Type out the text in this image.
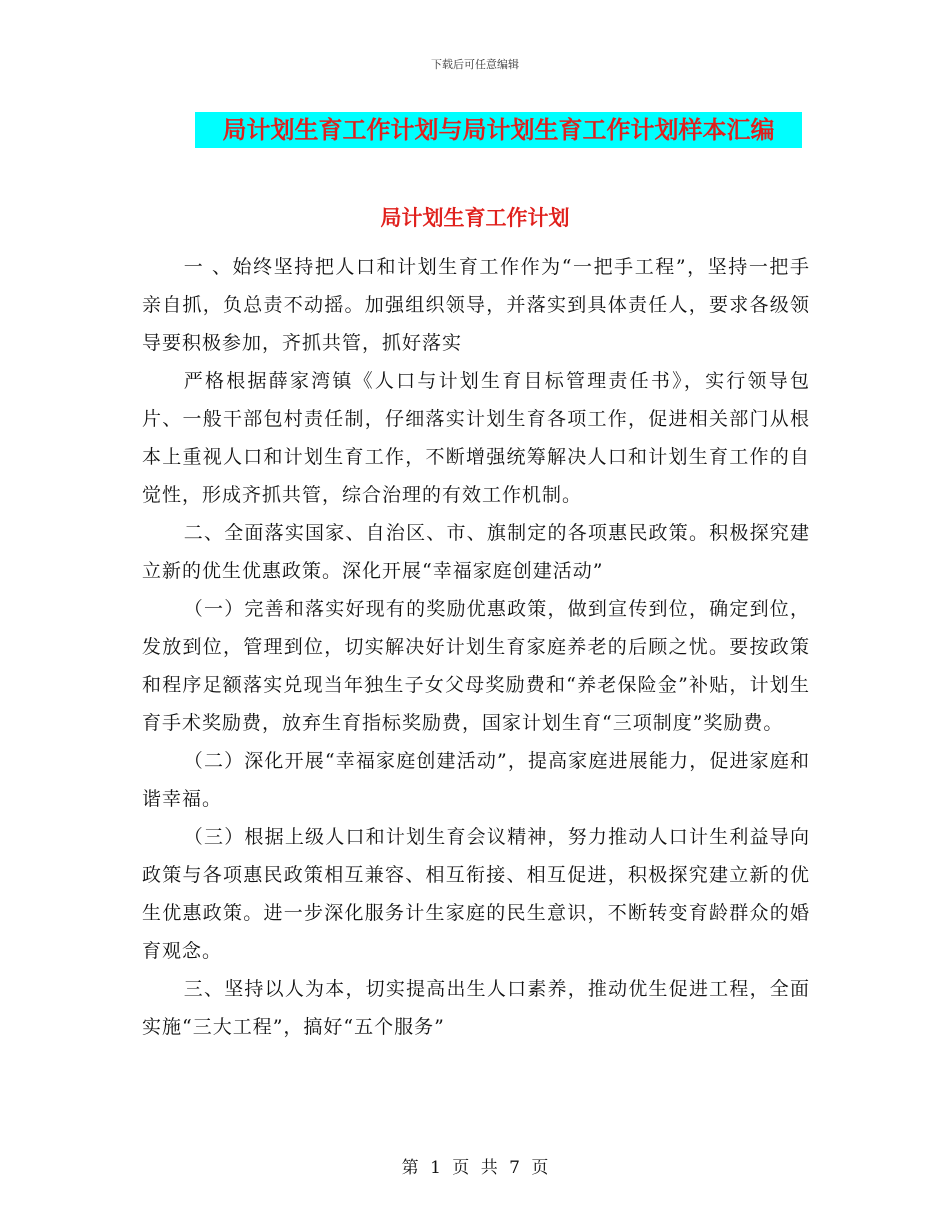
下载后可任意编辑
局计划生育工作计划与局计划生育工作计划样本汇编
局计划生育工作计划

一 、始终坚持把人口和计划生育工作作为“一把手工程”，坚持一把手亲自抓，负总责不动摇。加强组织领导，并落实到具体责任人，要求各级领导要积极参加，齐抓共管，抓好落实

严格根据薛家湾镇《人口与计划生育目标管理责任书》，实行领导包片、一般干部包村责任制，仔细落实计划生育各项工作，促进相关部门从根本上重视人口和计划生育工作，不断增强统筹解决人口和计划生育工作的自觉性，形成齐抓共管，综合治理的有效工作机制。

二、全面落实国家、自治区、市、旗制定的各项惠民政策。积极探究建立新的优生优惠政策。深化开展“幸福家庭创建活动”

（一）完善和落实好现有的奖励优惠政策，做到宣传到位，确定到位，发放到位，管理到位，切实解决好计划生育家庭养老的后顾之忧。要按政策和程序足额落实兑现当年独生子女父母奖励费和“养老保险金”补贴，计划生育手术奖励费，放弃生育指标奖励费，国家计划生育“三项制度”奖励费。

（二）深化开展“幸福家庭创建活动”，提高家庭进展能力，促进家庭和谐幸福。

（三）根据上级人口和计划生育会议精神，努力推动人口计生利益导向政策与各项惠民政策相互兼容、相互衔接、相互促进，积极探究建立新的优生优惠政策。进一步深化服务计生家庭的民生意识，不断转变育龄群众的婚育观念。

三、坚持以人为本，切实提高出生人口素养，推动优生促进工程，全面实施“三大工程”，搞好“五个服务”

第 1 页 共 7 页
